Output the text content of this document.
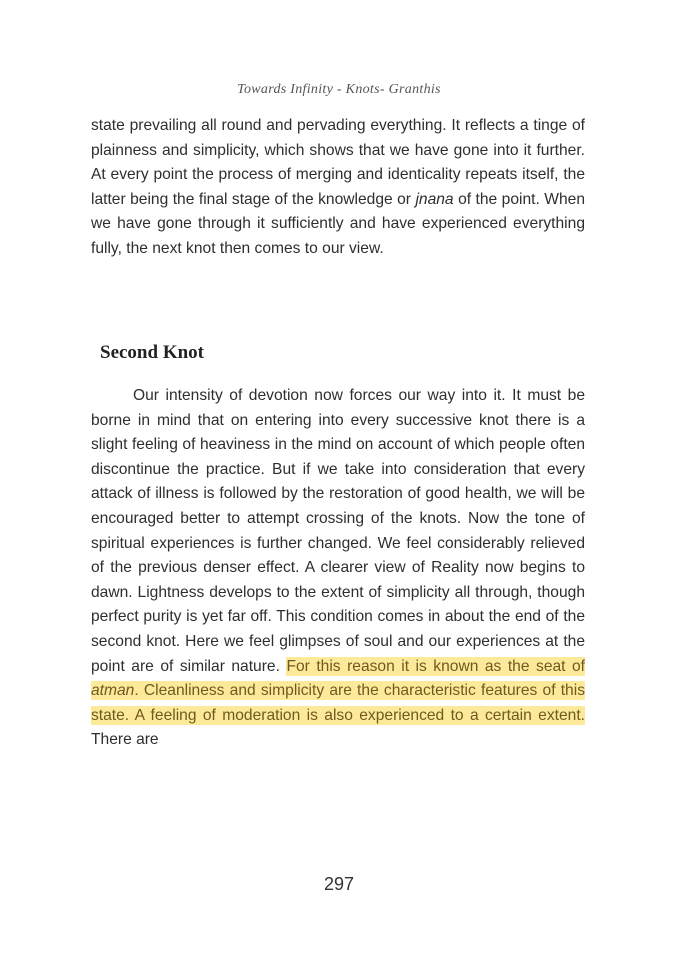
Towards Infinity - Knots- Granthis

state prevailing all round and pervading everything. It reflects a tinge of plainness and simplicity, which shows that we have gone into it further. At every point the process of merging and identicality repeats itself, the latter being the final stage of the knowledge or jnana of the point. When we have gone through it sufficiently and have experienced everything fully, the next knot then comes to our view.

Second Knot

Our intensity of devotion now forces our way into it. It must be borne in mind that on entering into every successive knot there is a slight feeling of heaviness in the mind on account of which people often discontinue the practice. But if we take into consideration that every attack of illness is followed by the restoration of good health, we will be encouraged better to attempt crossing of the knots. Now the tone of spiritual experiences is further changed. We feel considerably relieved of the previous denser effect. A clearer view of Reality now begins to dawn. Lightness develops to the extent of simplicity all through, though perfect purity is yet far off. This condition comes in about the end of the second knot. Here we feel glimpses of soul and our experiences at the point are of similar nature. For this reason it is known as the seat of atman. Cleanliness and simplicity are the characteristic features of this state. A feeling of moderation is also experienced to a certain extent. There are

297
